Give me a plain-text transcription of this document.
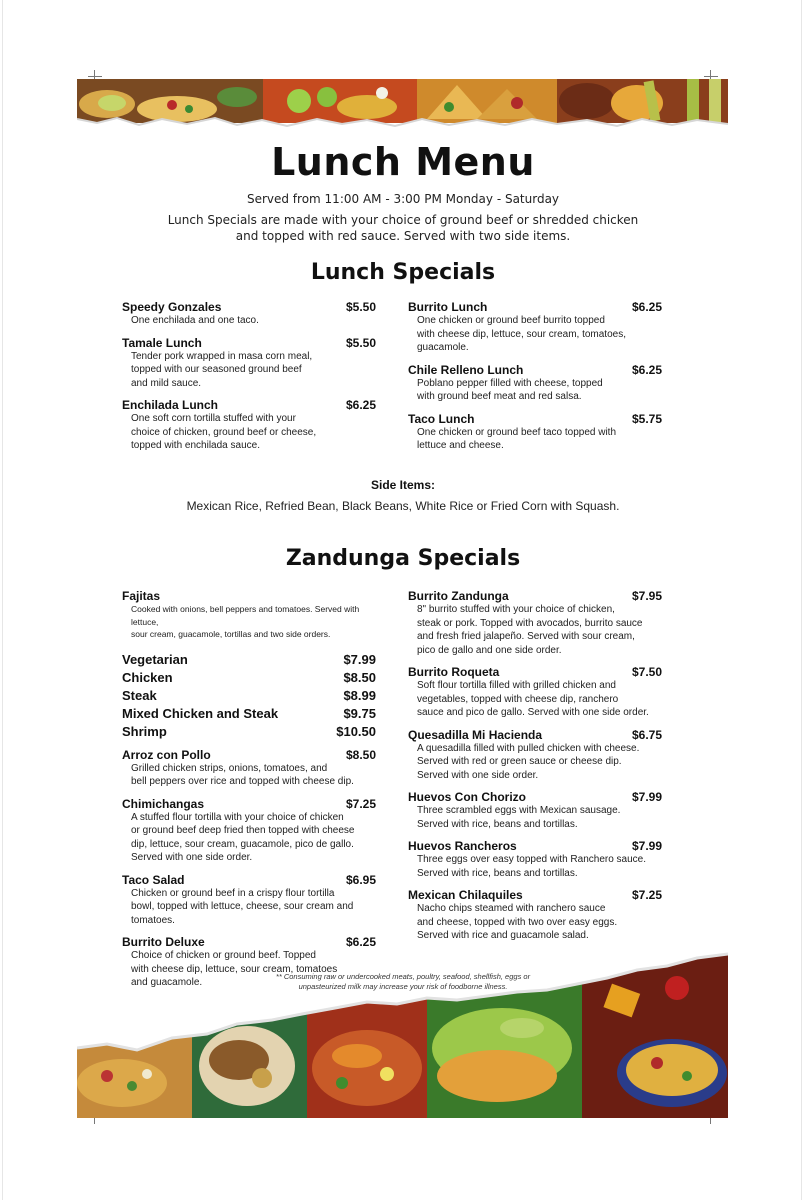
Lunch Menu
Served from 11:00 AM - 3:00 PM Monday - Saturday
Lunch Specials are made with your choice of ground beef or shredded chicken
and topped with red sauce. Served with two side items.
Lunch Specials
Speedy Gonzales	$5.50
One enchilada and one taco.
Tamale Lunch	$5.50
Tender pork wrapped in masa corn meal,
topped with our seasoned ground beef
and mild sauce.
Enchilada Lunch	$6.25
One soft corn tortilla stuffed with your
choice of chicken, ground beef or cheese,
topped with enchilada sauce.
Burrito Lunch	$6.25
One chicken or ground beef burrito topped
with cheese dip, lettuce, sour cream, tomatoes,
guacamole.
Chile Relleno Lunch	$6.25
Poblano pepper filled with cheese, topped
with ground beef meat and red salsa.
Taco Lunch	$5.75
One chicken or ground beef taco topped with
lettuce and cheese.
Side Items:
Mexican Rice, Refried Bean, Black Beans, White Rice or Fried Corn with Squash.
Zandunga Specials
Fajitas
Cooked with onions, bell peppers and tomatoes. Served with lettuce,
sour cream, guacamole, tortillas and two side orders.
Vegetarian	$7.99
Chicken	$8.50
Steak	$8.99
Mixed Chicken and Steak	$9.75
Shrimp	$10.50
Arroz con Pollo	$8.50
Grilled chicken strips, onions, tomatoes, and
bell peppers over rice and topped with cheese dip.
Chimichangas	$7.25
A stuffed flour tortilla with your choice of chicken
or ground beef deep fried then topped with cheese
dip, lettuce, sour cream, guacamole, pico de gallo.
Served with one side order.
Taco Salad	$6.95
Chicken or ground beef in a crispy flour tortilla
bowl, topped with lettuce, cheese, sour cream and
tomatoes.
Burrito Deluxe	$6.25
Choice of chicken or ground beef. Topped
with cheese dip, lettuce, sour cream, tomatoes
and guacamole.
Burrito Zandunga	$7.95
8" burrito stuffed with your choice of chicken,
steak or pork. Topped with avocados, burrito sauce
and fresh fried jalapeño. Served with sour cream,
pico de gallo and one side order.
Burrito Roqueta	$7.50
Soft flour tortilla filled with grilled chicken and
vegetables, topped with cheese dip, ranchero
sauce and pico de gallo. Served with one side order.
Quesadilla Mi Hacienda	$6.75
A quesadilla filled with pulled chicken with cheese.
Served with red or green sauce or cheese dip.
Served with one side order.
Huevos Con Chorizo	$7.99
Three scrambled eggs with Mexican sausage.
Served with rice, beans and tortillas.
Huevos Rancheros	$7.99
Three eggs over easy topped with Ranchero sauce.
Served with rice, beans and tortillas.
Mexican Chilaquiles	$7.25
Nacho chips steamed with ranchero sauce
and cheese, topped with two over easy eggs.
Served with rice and guacamole salad.
** Consuming raw or undercooked meats, poultry, seafood, shellfish, eggs or
unpasteurized milk may increase your risk of foodborne illness.
